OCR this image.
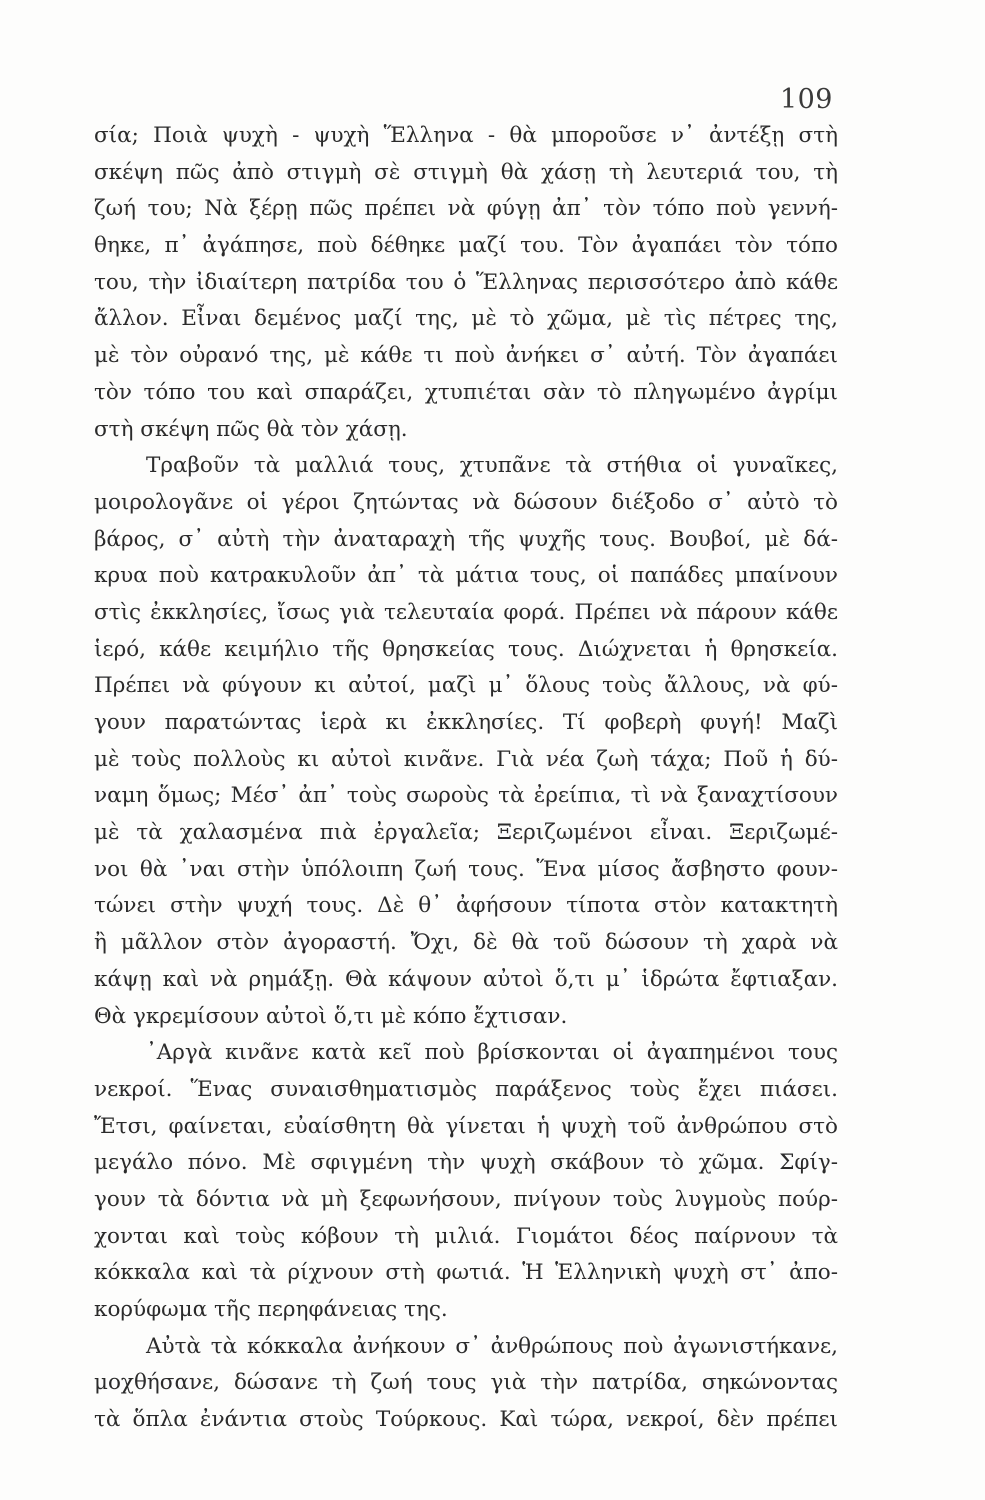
109
σία; Ποιὰ ψυχὴ - ψυχὴ Ἕλληνα - θὰ μποροῦσε ν᾽ ἀντέξῃ στὴ
σκέψη πῶς ἀπὸ στιγμὴ σὲ στιγμὴ θὰ χάσῃ τὴ λευτεριά του, τὴ
ζωή του; Νὰ ξέρῃ πῶς πρέπει νὰ φύγῃ ἀπ᾽ τὸν τόπο ποὺ γεννή-
θηκε, π᾽ ἀγάπησε, ποὺ δέθηκε μαζί του. Τὸν ἀγαπάει τὸν τόπο
του, τὴν ἰδιαίτερη πατρίδα του ὁ Ἕλληνας περισσότερο ἀπὸ κάθε
ἄλλον. Εἶναι δεμένος μαζί της, μὲ τὸ χῶμα, μὲ τὶς πέτρες της,
μὲ τὸν οὐρανό της, μὲ κάθε τι ποὺ ἀνήκει σ᾽ αὐτή. Τὸν ἀγαπάει
τὸν τόπο του καὶ σπαράζει, χτυπιέται σὰν τὸ πληγωμένο ἀγρίμι
στὴ σκέψη πῶς θὰ τὸν χάσῃ.
Τραβοῦν τὰ μαλλιά τους, χτυπᾶνε τὰ στήθια οἱ γυναῖκες,
μοιρολογᾶνε οἱ γέροι ζητώντας νὰ δώσουν διέξοδο σ᾽ αὐτὸ τὸ
βάρος, σ᾽ αὐτὴ τὴν ἀναταραχὴ τῆς ψυχῆς τους. Βουβοί, μὲ δά-
κρυα ποὺ κατρακυλοῦν ἀπ᾽ τὰ μάτια τους, οἱ παπάδες μπαίνουν
στὶς ἐκκλησίες, ἴσως γιὰ τελευταία φορά. Πρέπει νὰ πάρουν κάθε
ἱερό, κάθε κειμήλιο τῆς θρησκείας τους. Διώχνεται ἡ θρησκεία.
Πρέπει νὰ φύγουν κι αὐτοί, μαζὶ μ᾽ ὅλους τοὺς ἄλλους, νὰ φύ-
γουν παρατώντας ἱερὰ κι ἐκκλησίες. Τί φοβερὴ φυγή! Μαζὶ
μὲ τοὺς πολλοὺς κι αὐτοὶ κινᾶνε. Γιὰ νέα ζωὴ τάχα; Ποῦ ἡ δύ-
ναμη ὅμως; Μέσ᾽ ἀπ᾽ τοὺς σωροὺς τὰ ἐρείπια, τὶ νὰ ξαναχτίσουν
μὲ τὰ χαλασμένα πιὰ ἐργαλεῖα; Ξεριζωμένοι εἶναι. Ξεριζωμέ-
νοι θὰ ᾽ναι στὴν ὑπόλοιπη ζωή τους. Ἕνα μίσος ἄσβηστο φουν-
τώνει στὴν ψυχή τους. Δὲ θ᾽ ἀφήσουν τίποτα στὸν κατακτητὴ
ἢ μᾶλλον στὸν ἀγοραστή. Ὄχι, δὲ θὰ τοῦ δώσουν τὴ χαρὰ νὰ
κάψῃ καὶ νὰ ρημάξῃ. Θὰ κάψουν αὐτοὶ ὅ,τι μ᾽ ἱδρώτα ἔφτιαξαν.
Θὰ γκρεμίσουν αὐτοὶ ὅ,τι μὲ κόπο ἔχτισαν.
᾽Αργὰ κινᾶνε κατὰ κεῖ ποὺ βρίσκονται οἱ ἀγαπημένοι τους
νεκροί. Ἕνας συναισθηματισμὸς παράξενος τοὺς ἔχει πιάσει.
Ἔτσι, φαίνεται, εὐαίσθητη θὰ γίνεται ἡ ψυχὴ τοῦ ἀνθρώπου στὸ
μεγάλο πόνο. Μὲ σφιγμένη τὴν ψυχὴ σκάβουν τὸ χῶμα. Σφίγ-
γουν τὰ δόντια νὰ μὴ ξεφωνήσουν, πνίγουν τοὺς λυγμοὺς πούρ-
χονται καὶ τοὺς κόβουν τὴ μιλιά. Γιομάτοι δέος παίρνουν τὰ
κόκκαλα καὶ τὰ ρίχνουν στὴ φωτιά. Ἡ Ἑλληνικὴ ψυχὴ στ᾽ ἀπο-
κορύφωμα τῆς περηφάνειας της.
Αὐτὰ τὰ κόκκαλα ἀνήκουν σ᾽ ἀνθρώπους ποὺ ἀγωνιστήκανε,
μοχθήσανε, δώσανε τὴ ζωή τους γιὰ τὴν πατρίδα, σηκώνοντας
τὰ ὅπλα ἐνάντια στοὺς Τούρκους. Καὶ τώρα, νεκροί, δὲν πρέπει
